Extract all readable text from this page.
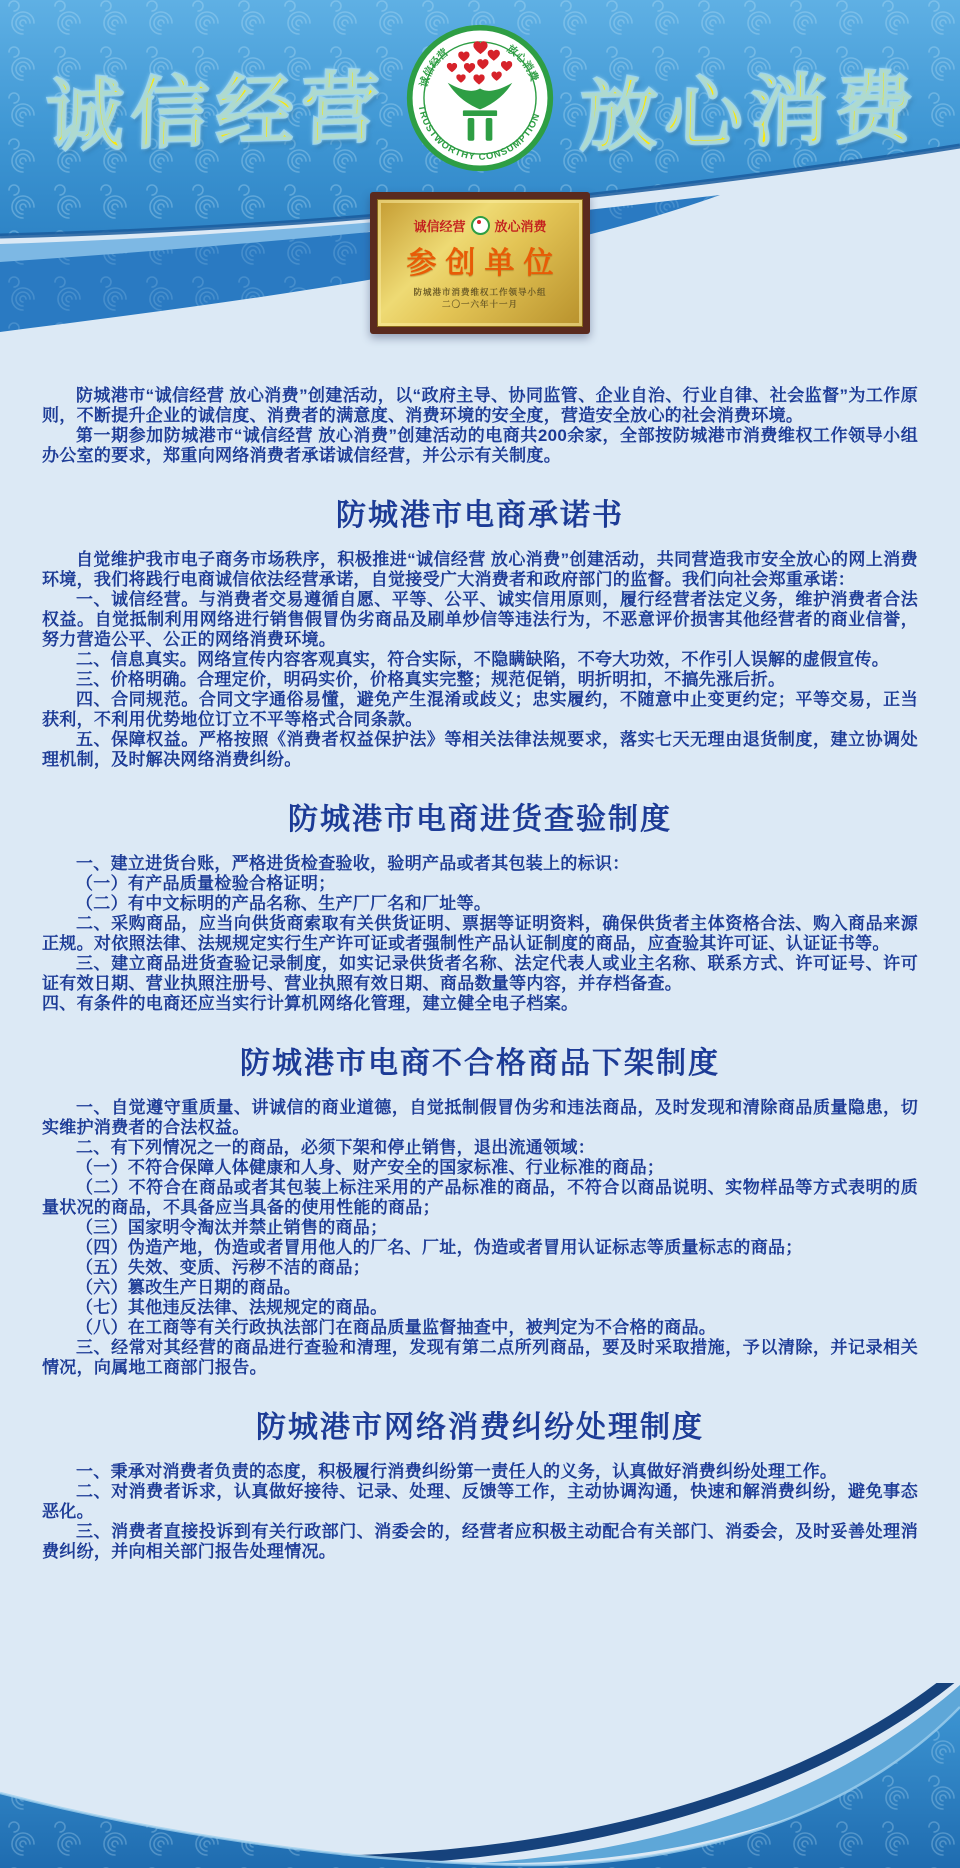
诚信经营	诚信经营	放心消费
TRUSTWORTHY CONSUMPTION 放心消费
诚信经营 放心消费
参创单位
防城港市消费维权工作领导小组
二〇一六年十一月

防城港市“诚信经营 放心消费”创建活动，以“政府主导、协同监管、企业自治、行业自律、社会监督”为工作原则，不断提升企业的诚信度、消费者的满意度、消费环境的安全度，营造安全放心的社会消费环境。

第一期参加防城港市“诚信经营 放心消费”创建活动的电商共200余家，全部按防城港市消费维权工作领导小组办公室的要求，郑重向网络消费者承诺诚信经营，并公示有关制度。

防城港市电商承诺书

自觉维护我市电子商务市场秩序，积极推进“诚信经营 放心消费”创建活动，共同营造我市安全放心的网上消费环境，我们将践行电商诚信依法经营承诺，自觉接受广大消费者和政府部门的监督。我们向社会郑重承诺：

一、诚信经营。与消费者交易遵循自愿、平等、公平、诚实信用原则，履行经营者法定义务，维护消费者合法权益。自觉抵制利用网络进行销售假冒伪劣商品及刷单炒信等违法行为，不恶意评价损害其他经营者的商业信誉，努力营造公平、公正的网络消费环境。

二、信息真实。网络宣传内容客观真实，符合实际，不隐瞒缺陷，不夸大功效，不作引人误解的虚假宣传。

三、价格明确。合理定价，明码实价，价格真实完整；规范促销，明折明扣，不搞先涨后折。

四、合同规范。合同文字通俗易懂，避免产生混淆或歧义；忠实履约，不随意中止变更约定；平等交易，正当获利，不利用优势地位订立不平等格式合同条款。

五、保障权益。严格按照《消费者权益保护法》等相关法律法规要求，落实七天无理由退货制度，建立协调处理机制，及时解决网络消费纠纷。

防城港市电商进货查验制度

一、建立进货台账，严格进货检查验收，验明产品或者其包装上的标识：

（一）有产品质量检验合格证明；

（二）有中文标明的产品名称、生产厂厂名和厂址等。

二、采购商品，应当向供货商索取有关供货证明、票据等证明资料，确保供货者主体资格合法、购入商品来源正规。对依照法律、法规规定实行生产许可证或者强制性产品认证制度的商品，应查验其许可证、认证证书等。

三、建立商品进货查验记录制度，如实记录供货者名称、法定代表人或业主名称、联系方式、许可证号、许可证有效日期、营业执照注册号、营业执照有效日期、商品数量等内容，并存档备查。

四、有条件的电商还应当实行计算机网络化管理，建立健全电子档案。

防城港市电商不合格商品下架制度

一、自觉遵守重质量、讲诚信的商业道德，自觉抵制假冒伪劣和违法商品，及时发现和清除商品质量隐患，切实维护消费者的合法权益。

二、有下列情况之一的商品，必须下架和停止销售，退出流通领域：

（一）不符合保障人体健康和人身、财产安全的国家标准、行业标准的商品；

（二）不符合在商品或者其包装上标注采用的产品标准的商品，不符合以商品说明、实物样品等方式表明的质量状况的商品，不具备应当具备的使用性能的商品；

（三）国家明令淘汰并禁止销售的商品；

（四）伪造产地，伪造或者冒用他人的厂名、厂址，伪造或者冒用认证标志等质量标志的商品；

（五）失效、变质、污秽不洁的商品；

（六）篡改生产日期的商品。

（七）其他违反法律、法规规定的商品。

（八）在工商等有关行政执法部门在商品质量监督抽查中，被判定为不合格的商品。

三、经常对其经营的商品进行查验和清理，发现有第二点所列商品，要及时采取措施，予以清除，并记录相关情况，向属地工商部门报告。

防城港市网络消费纠纷处理制度

一、秉承对消费者负责的态度，积极履行消费纠纷第一责任人的义务，认真做好消费纠纷处理工作。

二、对消费者诉求，认真做好接待、记录、处理、反馈等工作，主动协调沟通，快速和解消费纠纷，避免事态恶化。

三、消费者直接投诉到有关行政部门、消委会的，经营者应积极主动配合有关部门、消委会，及时妥善处理消费纠纷，并向相关部门报告处理情况。
